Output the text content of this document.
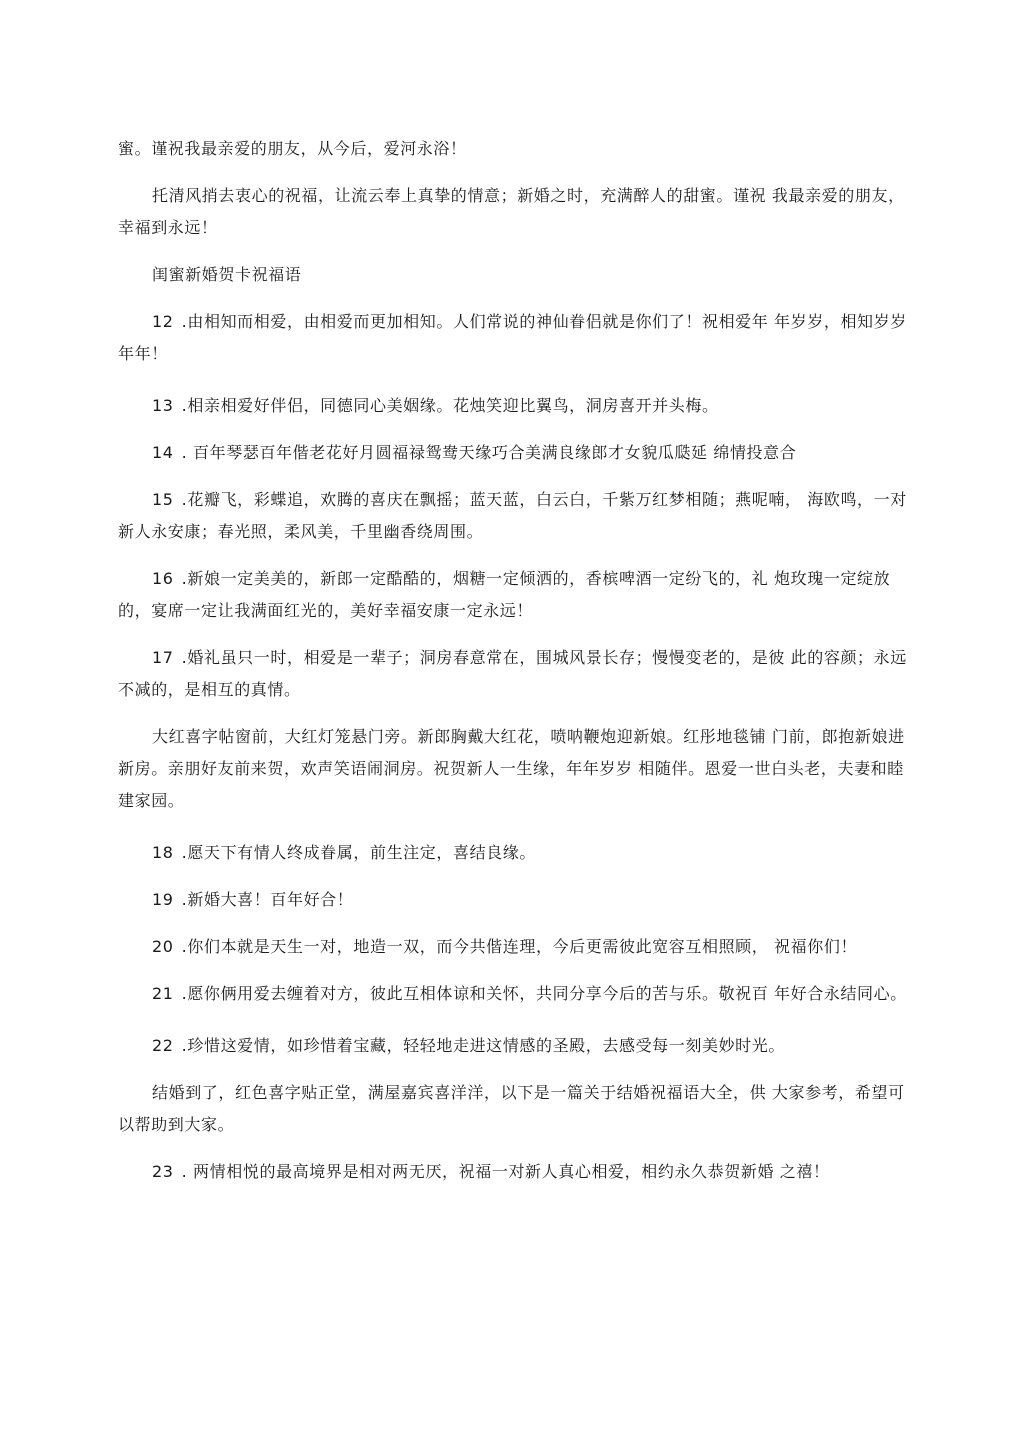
蜜。谨祝我最亲爱的朋友，从今后，爱河永浴！

托清风捎去衷心的祝福，让流云奉上真挚的情意；新婚之时，充满醉人的甜蜜。谨祝 我最亲爱的朋友，幸福到永远！

闺蜜新婚贺卡祝福语

12 .由相知而相爱，由相爱而更加相知。人们常说的神仙眷侣就是你们了！祝相爱年 年岁岁，相知岁岁年年！

13 .相亲相爱好伴侣，同德同心美姻缘。花烛笑迎比翼鸟，洞房喜开并头梅。

14 . 百年琴瑟百年偕老花好月圆福禄鸳鸯天缘巧合美满良缘郎才女貌瓜瓞延 绵情投意合

15 .花瓣飞，彩蝶追，欢腾的喜庆在飘摇；蓝天蓝，白云白，千紫万红梦相随；燕呢喃， 海欧鸣，一对新人永安康；春光照，柔风美，千里幽香绕周围。

16 .新娘一定美美的，新郎一定酷酷的，烟糖一定倾洒的，香槟啤酒一定纷飞的，礼 炮玫瑰一定绽放的，宴席一定让我满面红光的，美好幸福安康一定永远！

17 .婚礼虽只一时，相爱是一辈子；洞房春意常在，围城风景长存；慢慢变老的，是彼 此的容颜；永远不减的，是相互的真情。

大红喜字帖窗前，大红灯笼悬门旁。新郎胸戴大红花，喷呐鞭炮迎新娘。红彤地毯铺 门前，郎抱新娘进新房。亲朋好友前来贺，欢声笑语闹洞房。祝贺新人一生缘，年年岁岁 相随伴。恩爱一世白头老，夫妻和睦建家园。

18 .愿天下有情人终成眷属，前生注定，喜结良缘。

19 .新婚大喜！百年好合！

20 .你们本就是天生一对，地造一双，而今共偕连理，今后更需彼此宽容互相照顾， 祝福你们！

21 .愿你俩用爱去缠着对方，彼此互相体谅和关怀，共同分享今后的苦与乐。敬祝百 年好合永结同心。

22 .珍惜这爱情，如珍惜着宝藏，轻轻地走进这情感的圣殿，去感受每一刻美妙时光。

结婚到了，红色喜字贴正堂，满屋嘉宾喜洋洋，以下是一篇关于结婚祝福语大全，供 大家参考，希望可以帮助到大家。

23 . 两情相悦的最高境界是相对两无厌，祝福一对新人真心相爱，相约永久恭贺新婚 之禧！
